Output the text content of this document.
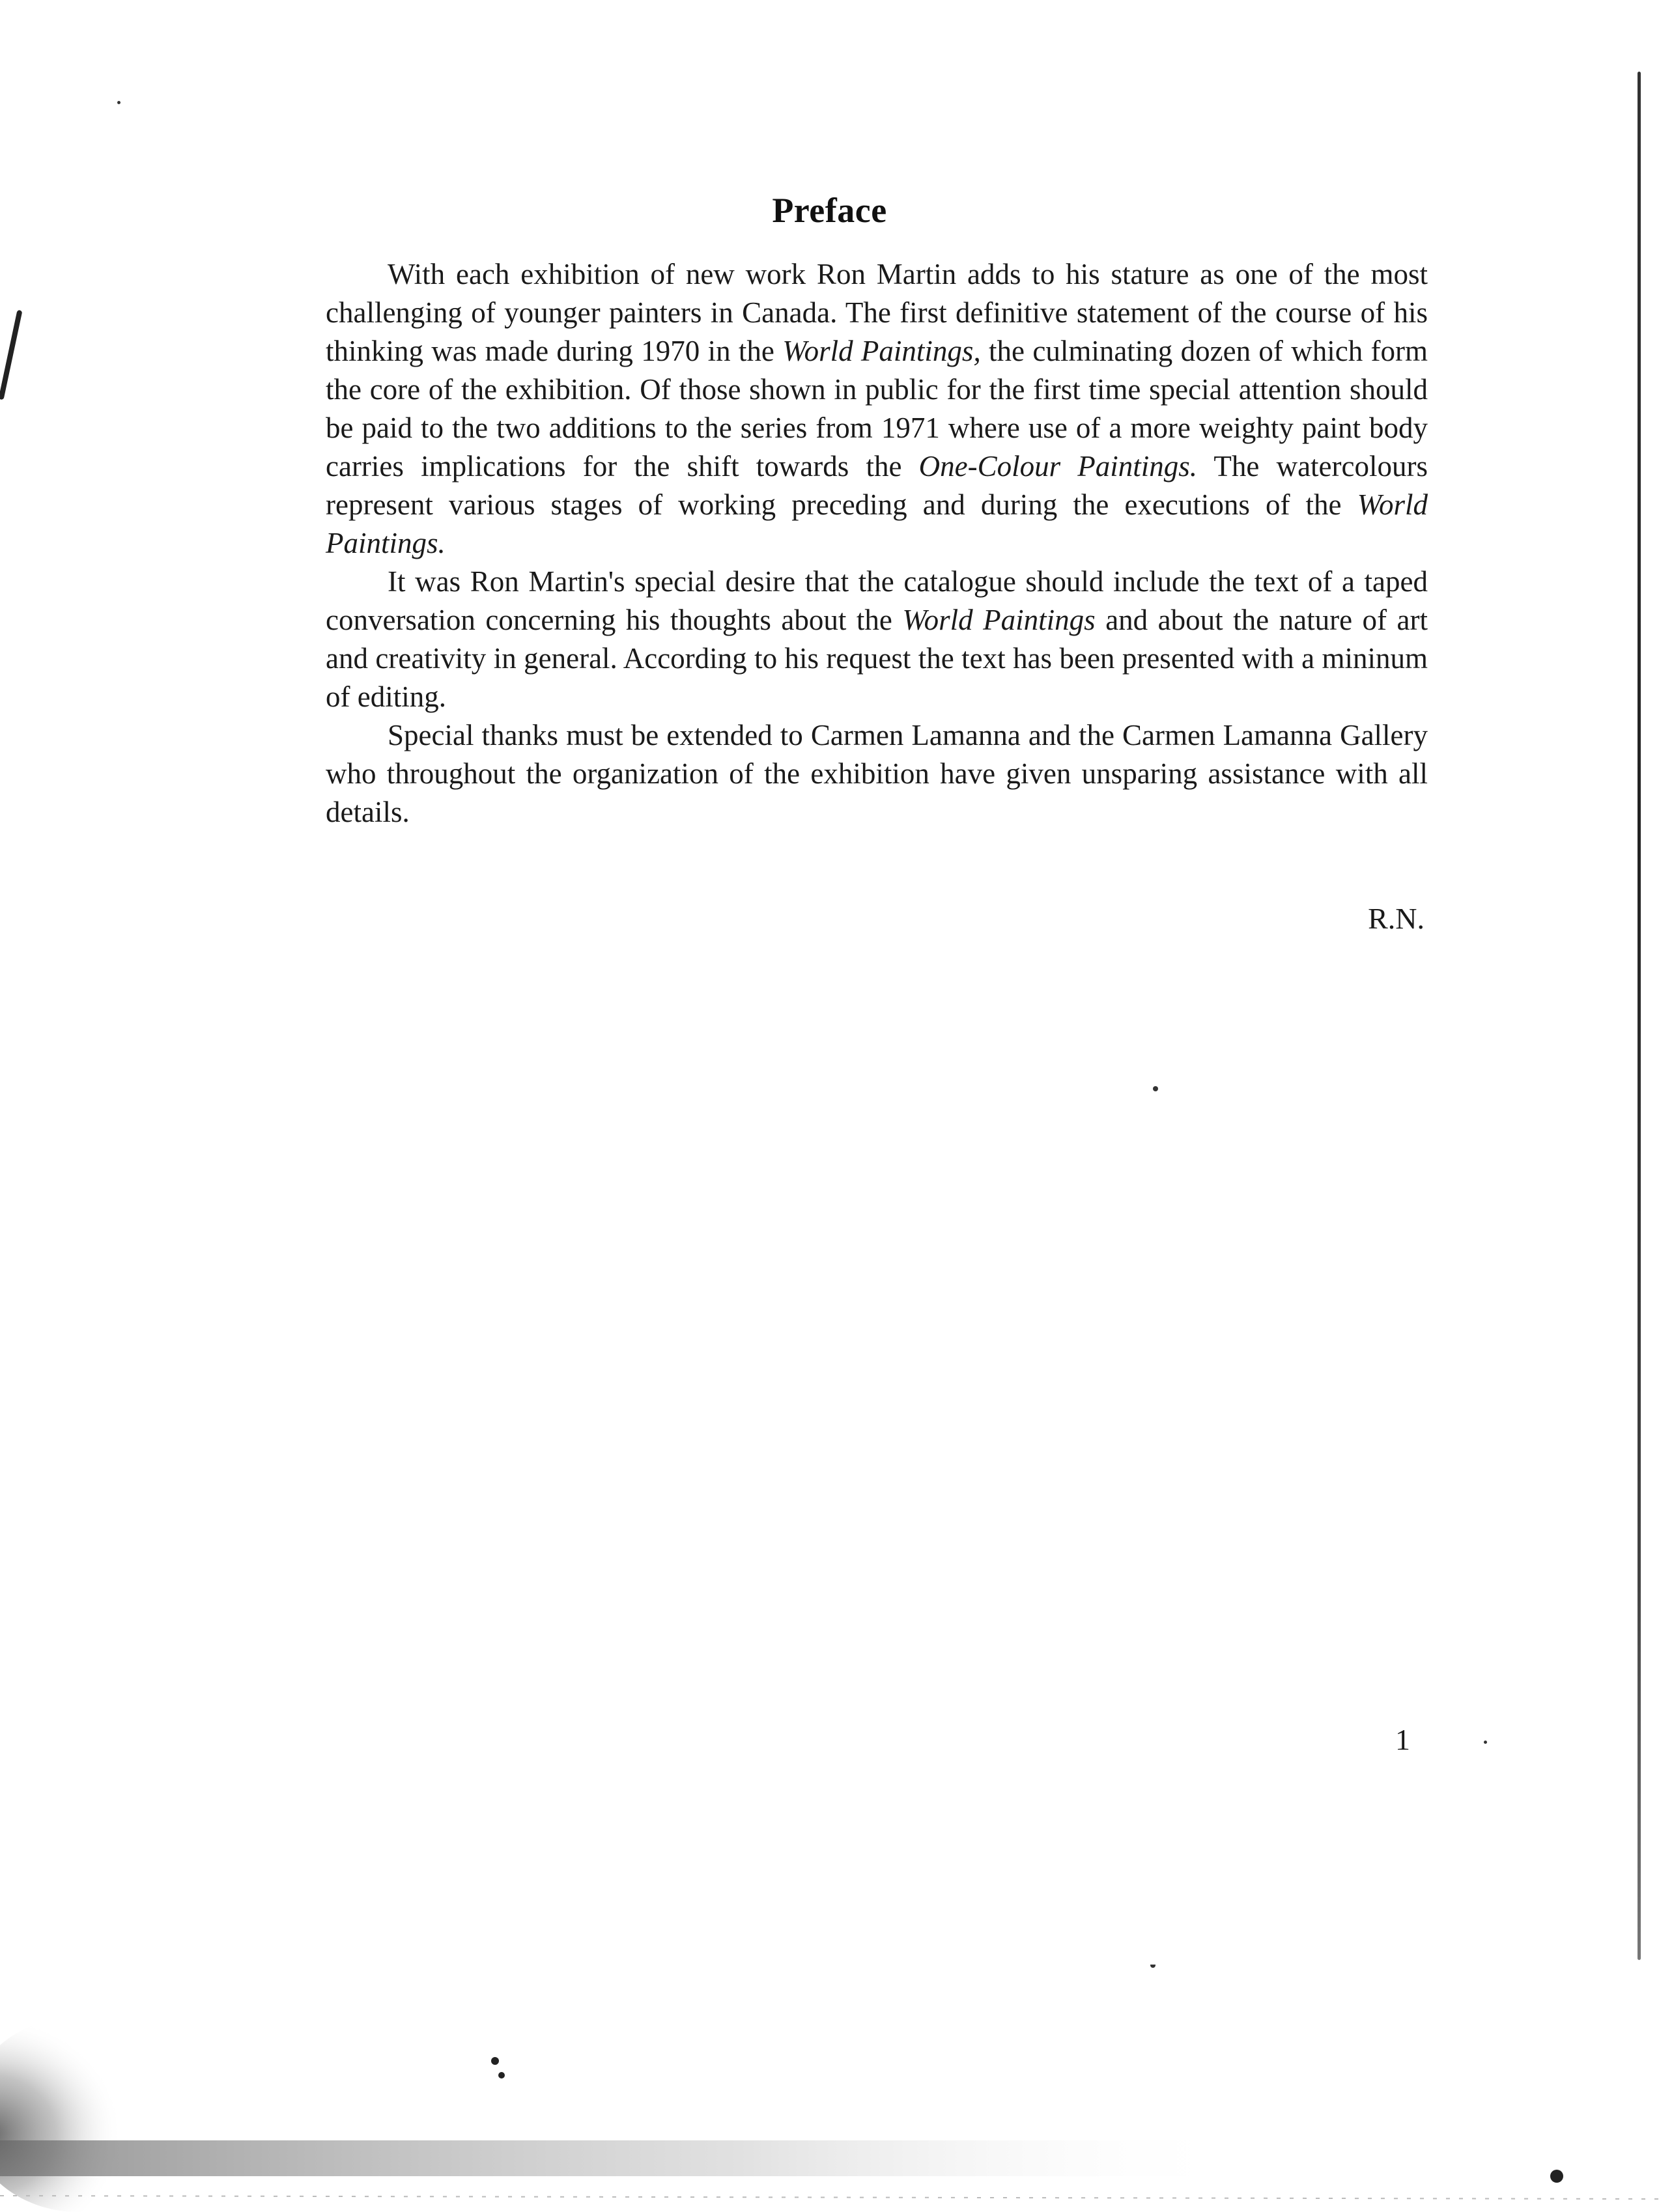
Preface

With each exhibition of new work Ron Martin adds to his stature as one of the most challenging of younger painters in Canada. The first definitive statement of the course of his thinking was made during 1970 in the World Paintings, the culminating dozen of which form the core of the exhibition. Of those shown in public for the first time special attention should be paid to the two additions to the series from 1971 where use of a more weighty paint body carries implications for the shift towards the One-Colour Paintings. The watercolours represent various stages of working preceding and during the executions of the World Paintings.

It was Ron Martin's special desire that the catalogue should include the text of a taped conversation concerning his thoughts about the World Paintings and about the nature of art and creativity in general. According to his request the text has been presented with a mininum of editing.

Special thanks must be extended to Carmen Lamanna and the Carmen Lamanna Gallery who throughout the organization of the exhibition have given unsparing assistance with all details.

R.N.
1
